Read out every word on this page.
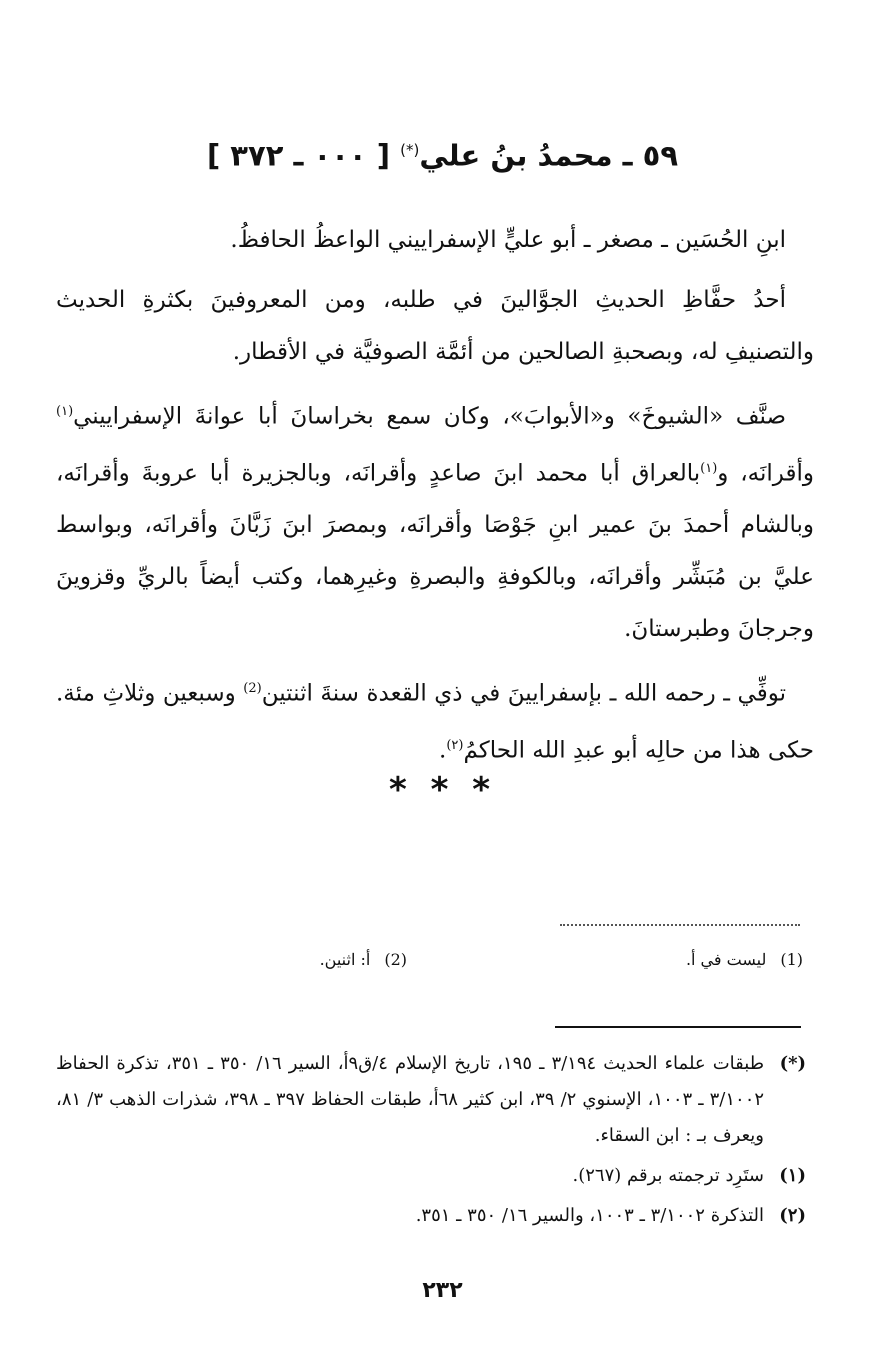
٥٩ ـ محمدُ بنُ علي(*) [ ٠٠٠ ـ ٣٧٢ ]

ابنِ الحُسَين ـ مصغر ـ أبو عليٍّ الإسفراييني الواعظُ الحافظُ.

أحدُ حفَّاظِ الحديثِ الجوَّالينَ في طلبه، ومن المعروفينَ بكثرةِ الحديث والتصنيفِ له، وبصحبةِ الصالحين من أئمَّة الصوفيَّة في الأقطار.

صنَّف «الشيوخَ» و«الأبوابَ»، وكان سمع بخراسانَ أبا عوانةَ الإسفراييني$^{(١)}$ وأقرانَه، و$^{(١)}$بالعراق أبا محمد ابنَ صاعدٍ وأقرانَه، وبالجزيرة أبا عروبةَ وأقرانَه، وبالشام أحمدَ بنَ عمير ابنِ جَوْصَا وأقرانَه، وبمصرَ ابنَ زَبَّانَ وأقرانَه، وبواسط عليَّ بن مُبَشِّر وأقرانَه، وبالكوفةِ والبصرةِ وغيرِهما، وكتب أيضاً بالريِّ وقزوينَ وجرجانَ وطبرستانَ.

توفِّي ـ رحمه الله ـ بإسفرايينَ في ذي القعدة سنةَ اثنتين$^{(2)}$ وسبعين وثلاثِ مئة. حكى هذا من حالِه أبو عبدِ الله الحاكمُ$^{(٢)}$.

* * *
(1)ليست في أ.
(2)أ: اثنين.

(*)طبقات علماء الحديث ٣/١٩٤ ـ ١٩٥، تاريخ الإسلام ٤/ق٩أ، السير ١٦/ ٣٥٠ ـ ٣٥١، تذكرة الحفاظ ٣/١٠٠٢ ـ ١٠٠٣، الإسنوي ٢/ ٣٩، ابن كثير ٦٨أ، طبقات الحفاظ ٣٩٧ ـ ٣٩٨، شذرات الذهب ٣/ ٨١، ويعرف بـ : ابن السقاء.

(١)ستَرِد ترجمته برقم (٢٦٧).

(٢)التذكرة ٣/١٠٠٢ ـ ١٠٠٣، والسير ١٦/ ٣٥٠ ـ ٣٥١.

٢٣٢
